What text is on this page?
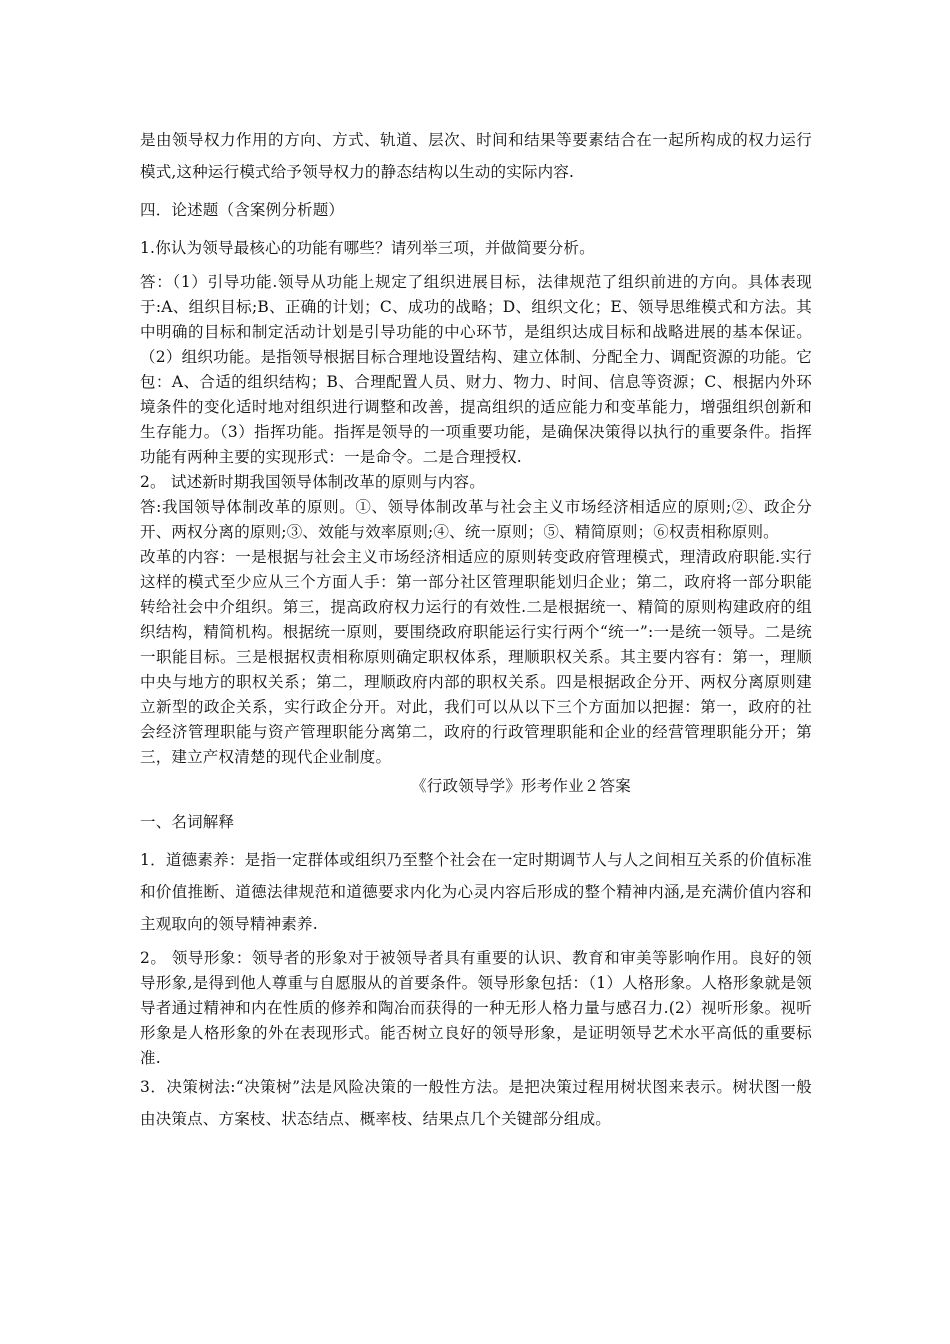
是由领导权力作用的方向、方式、轨道、层次、时间和结果等要素结合在一起所构成的权力运行模式,这种运行模式给予领导权力的静态结构以生动的实际内容.

四．论述题（含案例分析题）

1.你认为领导最核心的功能有哪些？请列举三项，并做简要分析。

答：（1）引导功能.领导从功能上规定了组织进展目标，法律规范了组织前进的方向。具体表现于:A、组织目标;B、正确的计划；C、成功的战略；D、组织文化；E、领导思维模式和方法。其中明确的目标和制定活动计划是引导功能的中心环节，是组织达成目标和战略进展的基本保证。（2）组织功能。是指领导根据目标合理地设置结构、建立体制、分配全力、调配资源的功能。它包：A、合适的组织结构；B、合理配置人员、财力、物力、时间、信息等资源；C、根据内外环境条件的变化适时地对组织进行调整和改善，提高组织的适应能力和变革能力，增强组织创新和生存能力。（3）指挥功能。指挥是领导的一项重要功能，是确保决策得以执行的重要条件。指挥功能有两种主要的实现形式：一是命令。二是合理授权.

2。 试述新时期我国领导体制改革的原则与内容。

答:我国领导体制改革的原则。①、领导体制改革与社会主义市场经济相适应的原则;②、政企分开、两权分离的原则;③、效能与效率原则;④、统一原则；⑤、精简原则；⑥权责相称原则。

改革的内容：一是根据与社会主义市场经济相适应的原则转变政府管理模式，理清政府职能.实行这样的模式至少应从三个方面人手：第一部分社区管理职能划归企业；第二，政府将一部分职能转给社会中介组织。第三，提高政府权力运行的有效性.二是根据统一、精简的原则构建政府的组织结构，精简机构。根据统一原则，要围绕政府职能运行实行两个“统一”:一是统一领导。二是统一职能目标。三是根据权责相称原则确定职权体系，理顺职权关系。其主要内容有：第一，理顺中央与地方的职权关系；第二，理顺政府内部的职权关系。四是根据政企分开、两权分离原则建立新型的政企关系，实行政企分开。对此，我们可以从以下三个方面加以把握：第一，政府的社会经济管理职能与资产管理职能分离第二，政府的行政管理职能和企业的经营管理职能分开；第三，建立产权清楚的现代企业制度。

《行政领导学》形考作业２答案

一、名词解释

1．道德素养：是指一定群体或组织乃至整个社会在一定时期调节人与人之间相互关系的价值标准和价值推断、道德法律规范和道德要求内化为心灵内容后形成的整个精神内涵,是充满价值内容和主观取向的领导精神素养.

2。 领导形象：领导者的形象对于被领导者具有重要的认识、教育和审美等影响作用。良好的领导形象,是得到他人尊重与自愿服从的首要条件。领导形象包括：（1）人格形象。人格形象就是领导者通过精神和内在性质的修养和陶冶而获得的一种无形人格力量与感召力.(2）视听形象。视听形象是人格形象的外在表现形式。能否树立良好的领导形象，是证明领导艺术水平高低的重要标准.

3．决策树法:“决策树”法是风险决策的一般性方法。是把决策过程用树状图来表示。树状图一般由决策点、方案枝、状态结点、概率枝、结果点几个关键部分组成。
